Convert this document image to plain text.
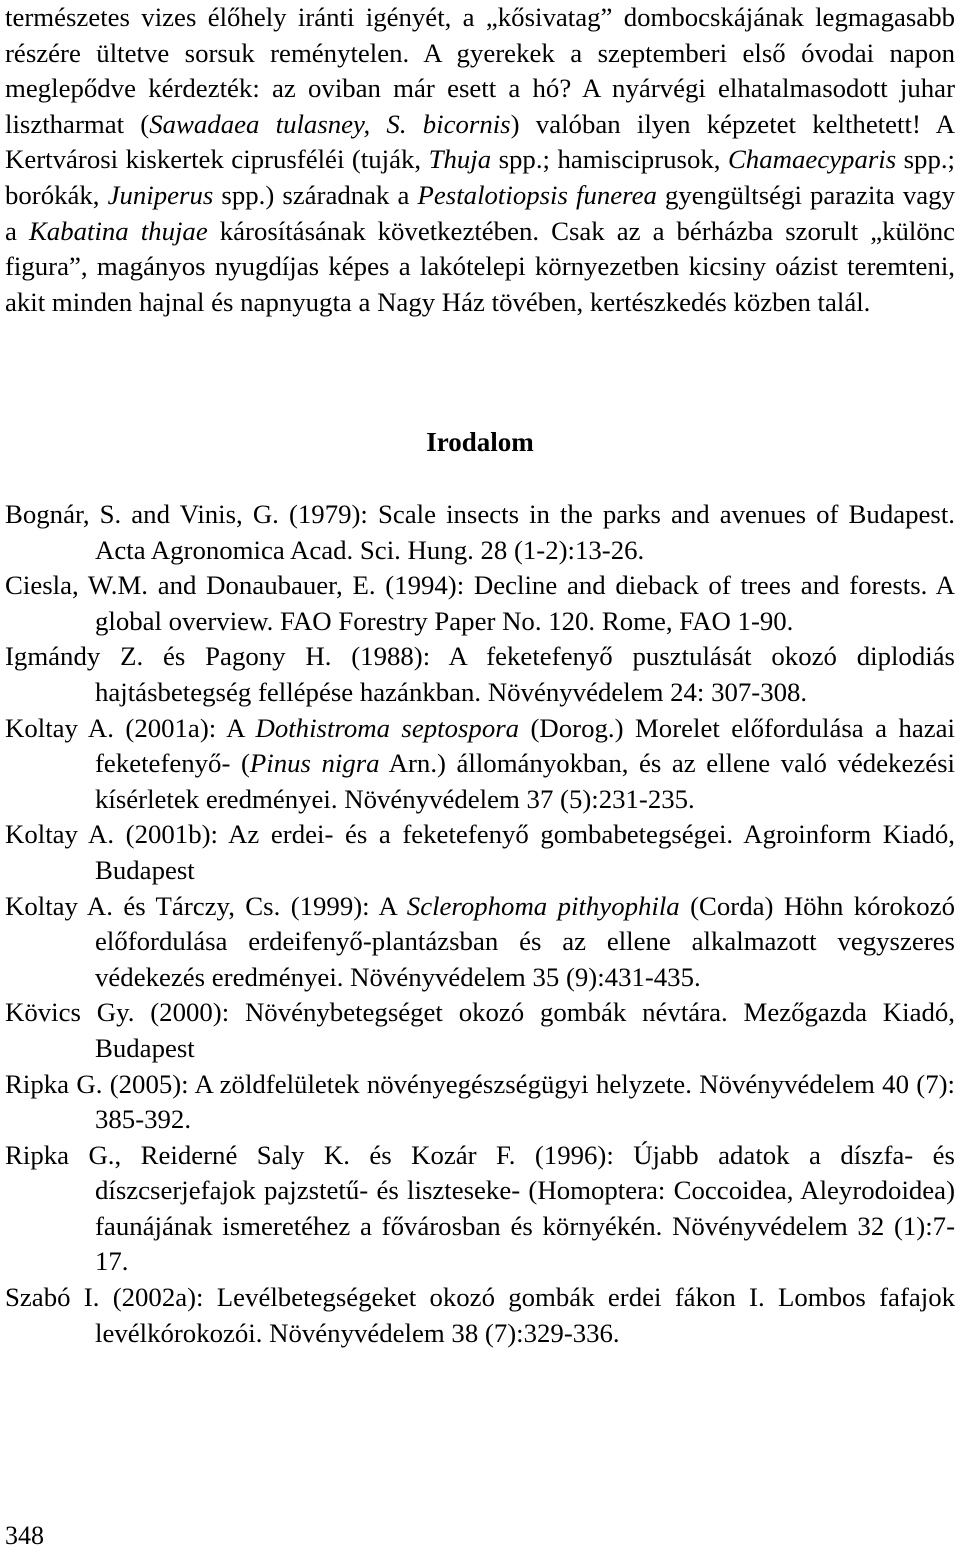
természetes vizes élőhely iránti igényét, a „kősivatag” dombocskájának legmagasabb részére ültetve sorsuk reménytelen. A gyerekek a szeptemberi első óvodai napon meglepődve kérdezték: az oviban már esett a hó? A nyárvégi elhatalmasodott juhar lisztharmat (Sawadaea tulasney, S. bicornis) valóban ilyen képzetet kelthetett! A Kertvárosi kiskertek ciprusféléi (tuják, Thuja spp.; hamisciprusok, Chamaecyparis spp.; borókák, Juniperus spp.) száradnak a Pestalotiopsis funerea gyengültségi parazita vagy a Kabatina thujae károsításának következtében. Csak az a bérházba szorult „különc figura”, magányos nyugdíjas képes a lakótelepi környezetben kicsiny oázist teremteni, akit minden hajnal és napnyugta a Nagy Ház tövében, kertészkedés közben talál.

Irodalom

Bognár, S. and Vinis, G. (1979): Scale insects in the parks and avenues of Budapest. Acta Agronomica Acad. Sci. Hung. 28 (1-2):13-26.

Ciesla, W.M. and Donaubauer, E. (1994): Decline and dieback of trees and forests. A global overview. FAO Forestry Paper No. 120. Rome, FAO 1-90.

Igmándy Z. és Pagony H. (1988): A feketefenyő pusztulását okozó diplodiás hajtásbetegség fellépése hazánkban. Növényvédelem 24: 307-308.

Koltay A. (2001a): A Dothistroma septospora (Dorog.) Morelet előfordulása a hazai feketefenyő- (Pinus nigra Arn.) állományokban, és az ellene való védekezési kísérletek eredményei. Növényvédelem 37 (5):231-235.

Koltay A. (2001b): Az erdei- és a feketefenyő gombabetegségei. Agroinform Kiadó, Budapest

Koltay A. és Tárczy, Cs. (1999): A Sclerophoma pithyophila (Corda) Höhn kórokozó előfordulása erdeifenyő-plantázsban és az ellene alkalmazott vegyszeres védekezés eredményei. Növényvédelem 35 (9):431-435.

Kövics Gy. (2000): Növénybetegséget okozó gombák névtára. Mezőgazda Kiadó, Budapest

Ripka G. (2005): A zöldfelületek növényegészségügyi helyzete. Növényvédelem 40 (7): 385-392.

Ripka G., Reiderné Saly K. és Kozár F. (1996): Újabb adatok a díszfa- és díszcserjefajok pajzstetű- és liszteseke- (Homoptera: Coccoidea, Aleyrodoidea) faunájának ismeretéhez a fővárosban és környékén. Növényvédelem 32 (1):7-17.

Szabó I. (2002a): Levélbetegségeket okozó gombák erdei fákon I. Lombos fafajok levélkórokozói. Növényvédelem 38 (7):329-336.

348
